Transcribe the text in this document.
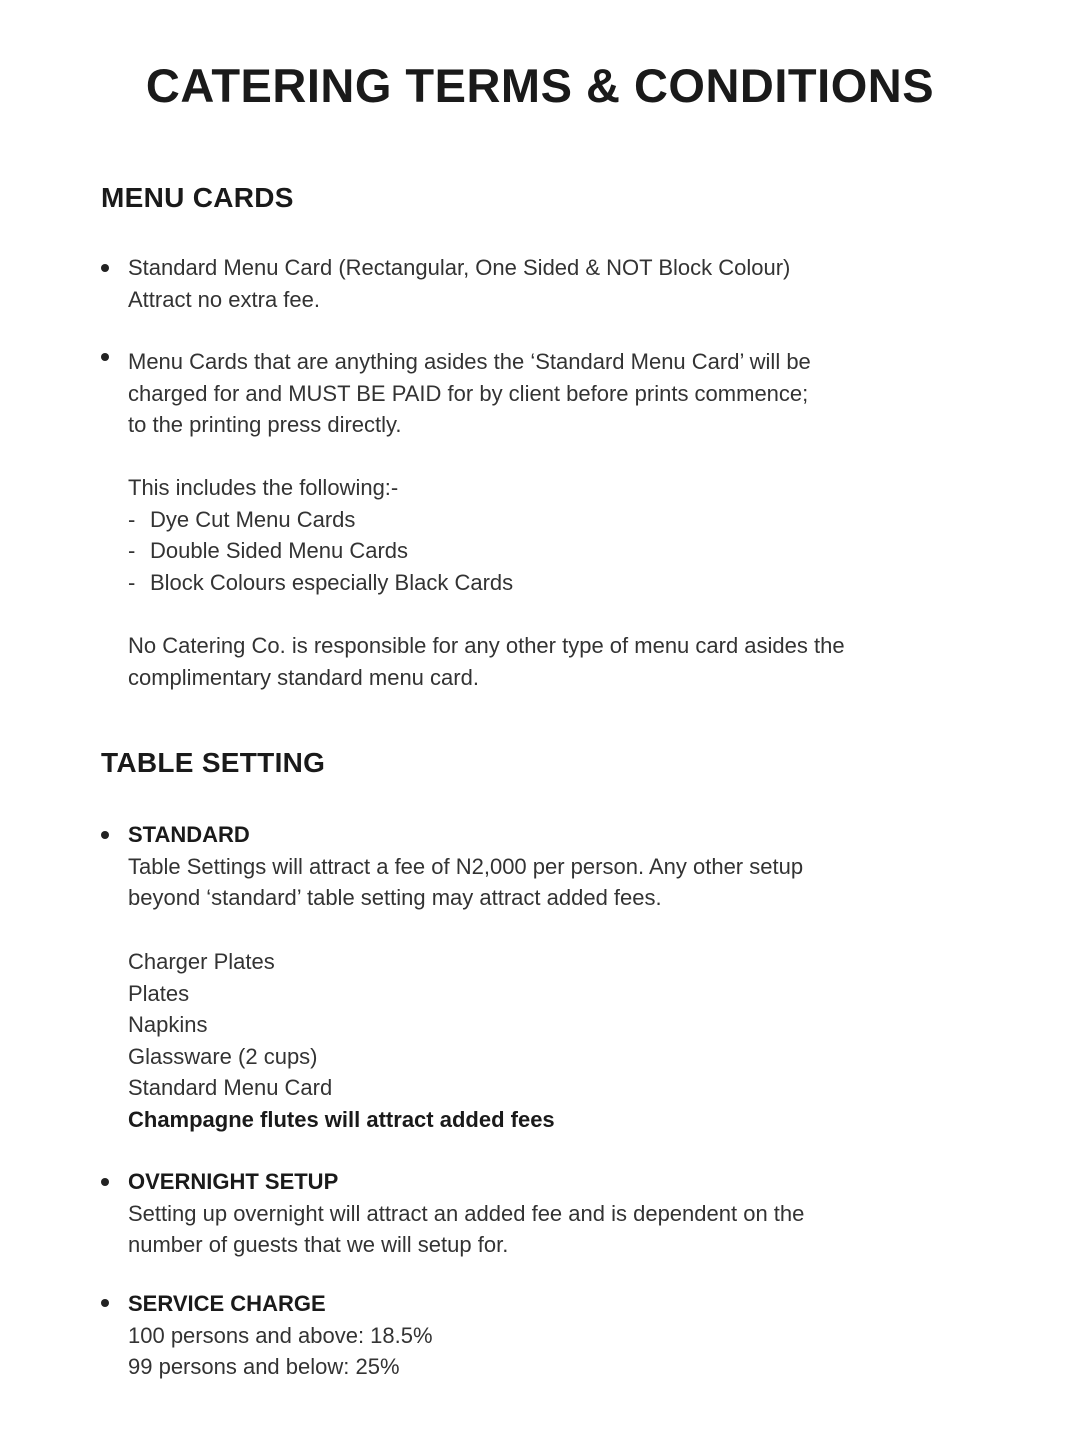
CATERING TERMS & CONDITIONS
MENU CARDS
Standard Menu Card (Rectangular, One Sided & NOT Block Colour)
Attract no extra fee.
Menu Cards that are anything asides the ‘Standard Menu Card’ will be
charged for and MUST BE PAID for by client before prints commence;
to the printing press directly.
This includes the following:-
- Dye Cut Menu Cards
- Double Sided Menu Cards
- Block Colours especially Black Cards
No Catering Co. is responsible for any other type of menu card asides the
complimentary standard menu card.
TABLE SETTING
STANDARD
Table Settings will attract a fee of N2,000 per person. Any other setup
beyond ‘standard’ table setting may attract added fees.
Charger Plates
Plates
Napkins
Glassware (2 cups)
Standard Menu Card
Champagne flutes will attract added fees
OVERNIGHT SETUP
Setting up overnight will attract an added fee and is dependent on the
number of guests that we will setup for.
SERVICE CHARGE
100 persons and above: 18.5%
99 persons and below: 25%
